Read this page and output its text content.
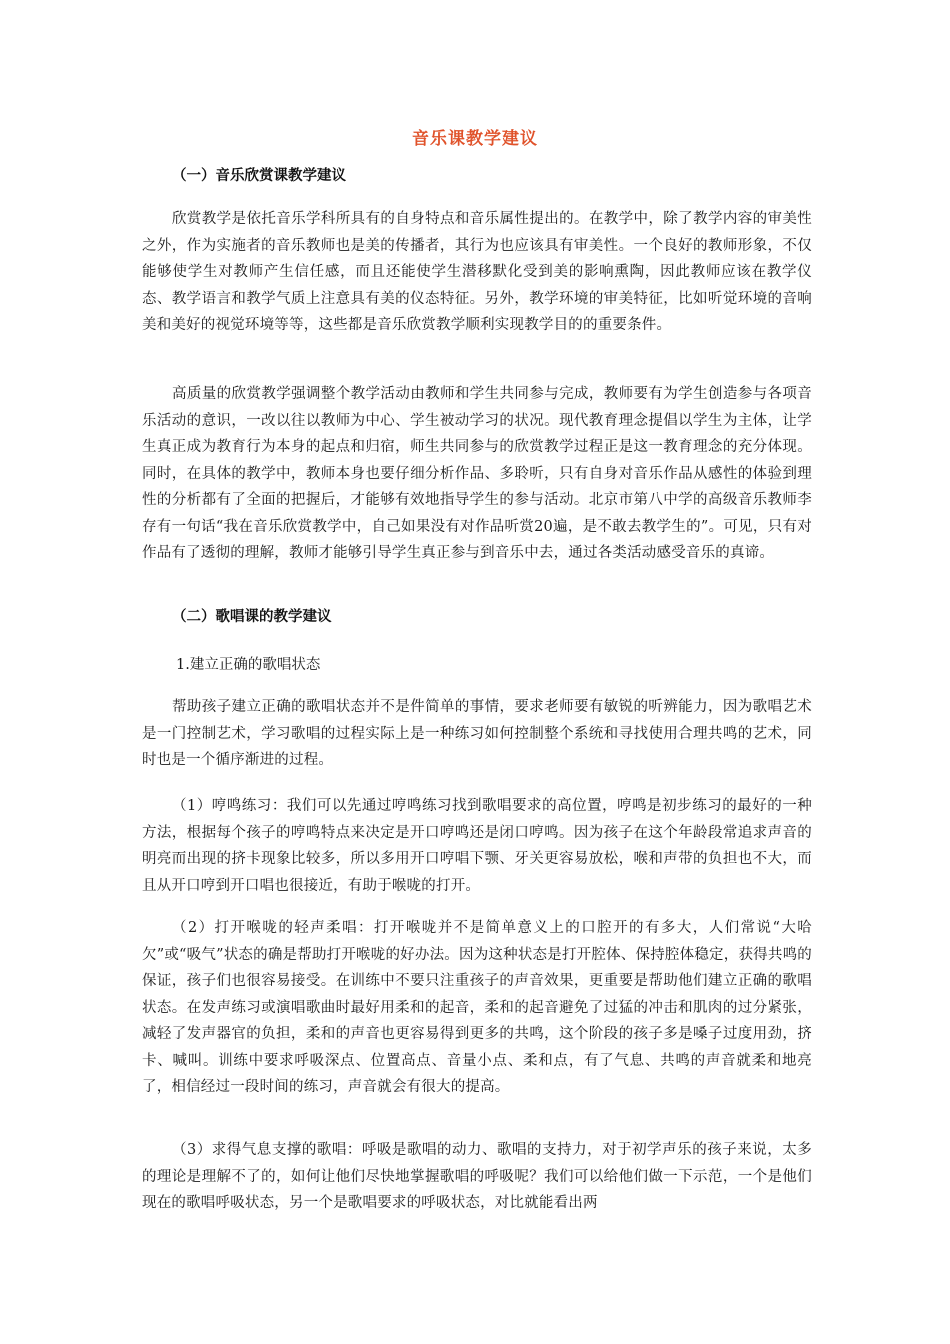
音乐课教学建议
（一）音乐欣赏课教学建议
欣赏教学是依托音乐学科所具有的自身特点和音乐属性提出的。在教学中，除了教学内容的审美性之外，作为实施者的音乐教师也是美的传播者，其行为也应该具有审美性。一个良好的教师形象，不仅能够使学生对教师产生信任感，而且还能使学生潜移默化受到美的影响熏陶，因此教师应该在教学仪态、教学语言和教学气质上注意具有美的仪态特征。另外，教学环境的审美特征，比如听觉环境的音响美和美好的视觉环境等等，这些都是音乐欣赏教学顺利实现教学目的的重要条件。
高质量的欣赏教学强调整个教学活动由教师和学生共同参与完成，教师要有为学生创造参与各项音乐活动的意识，一改以往以教师为中心、学生被动学习的状况。现代教育理念提倡以学生为主体，让学生真正成为教育行为本身的起点和归宿，师生共同参与的欣赏教学过程正是这一教育理念的充分体现。同时，在具体的教学中，教师本身也要仔细分析作品、多聆听，只有自身对音乐作品从感性的体验到理性的分析都有了全面的把握后，才能够有效地指导学生的参与活动。北京市第八中学的高级音乐教师李存有一句话“我在音乐欣赏教学中，自己如果没有对作品听赏20遍，是不敢去教学生的”。可见，只有对作品有了透彻的理解，教师才能够引导学生真正参与到音乐中去，通过各类活动感受音乐的真谛。
（二）歌唱课的教学建议
1.建立正确的歌唱状态
帮助孩子建立正确的歌唱状态并不是件简单的事情，要求老师要有敏锐的听辨能力，因为歌唱艺术是一门控制艺术，学习歌唱的过程实际上是一种练习如何控制整个系统和寻找使用合理共鸣的艺术，同时也是一个循序渐进的过程。
（1）哼鸣练习：我们可以先通过哼鸣练习找到歌唱要求的高位置，哼鸣是初步练习的最好的一种方法，根据每个孩子的哼鸣特点来决定是开口哼鸣还是闭口哼鸣。因为孩子在这个年龄段常追求声音的明亮而出现的挤卡现象比较多，所以多用开口哼唱下颚、牙关更容易放松，喉和声带的负担也不大，而且从开口哼到开口唱也很接近，有助于喉咙的打开。
（2）打开喉咙的轻声柔唱：打开喉咙并不是简单意义上的口腔开的有多大，人们常说“大哈欠”或“吸气”状态的确是帮助打开喉咙的好办法。因为这种状态是打开腔体、保持腔体稳定，获得共鸣的保证，孩子们也很容易接受。在训练中不要只注重孩子的声音效果，更重要是帮助他们建立正确的歌唱状态。在发声练习或演唱歌曲时最好用柔和的起音，柔和的起音避免了过猛的冲击和肌肉的过分紧张，减轻了发声器官的负担，柔和的声音也更容易得到更多的共鸣，这个阶段的孩子多是嗓子过度用劲，挤卡、喊叫。训练中要求呼吸深点、位置高点、音量小点、柔和点，有了气息、共鸣的声音就柔和地亮了，相信经过一段时间的练习，声音就会有很大的提高。
（3）求得气息支撑的歌唱：呼吸是歌唱的动力、歌唱的支持力，对于初学声乐的孩子来说，太多的理论是理解不了的，如何让他们尽快地掌握歌唱的呼吸呢？我们可以给他们做一下示范，一个是他们现在的歌唱呼吸状态，另一个是歌唱要求的呼吸状态，对比就能看出两
